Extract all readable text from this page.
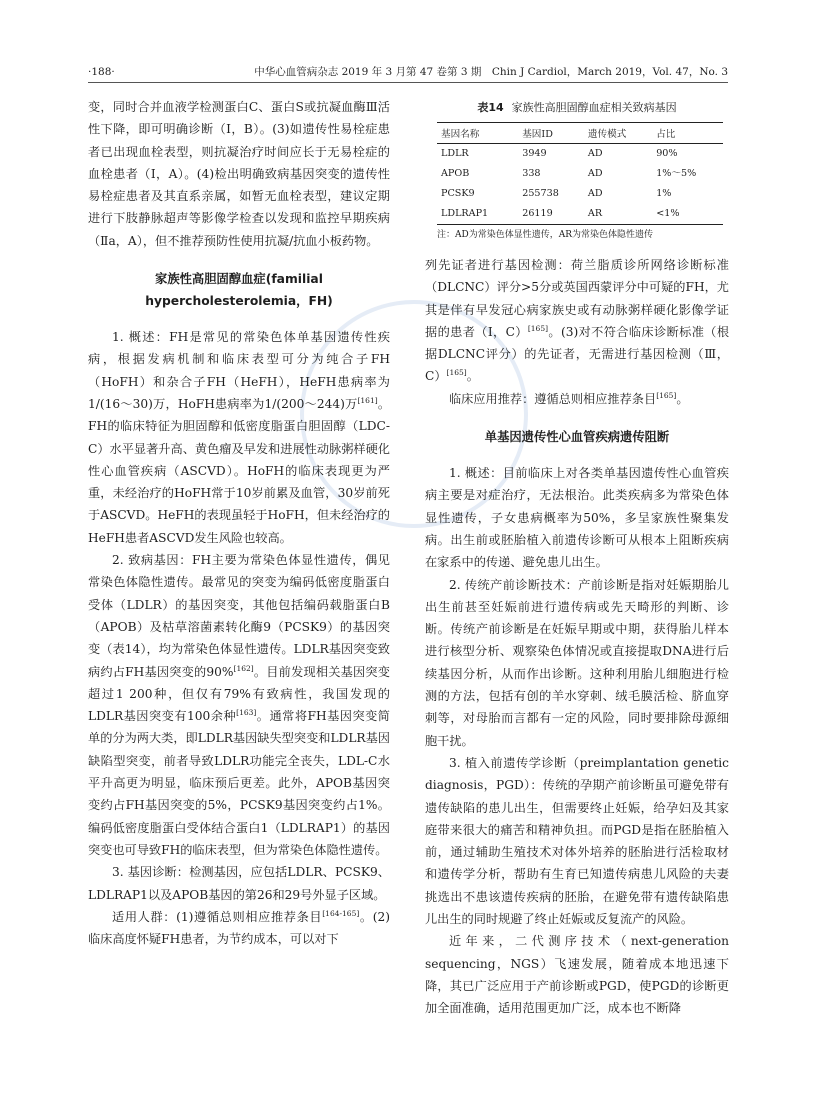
·188·	中华心血管病杂志 2019 年 3 月第 47 卷第 3 期　Chin J Cardiol，March 2019，Vol. 47，No. 3

变，同时合并血液学检测蛋白C、蛋白S或抗凝血酶Ⅲ活性下降，即可明确诊断（Ⅰ，B）。(3)如遗传性易栓症患者已出现血栓表型，则抗凝治疗时间应长于无易栓症的血栓患者（Ⅰ，A）。(4)检出明确致病基因突变的遗传性易栓症患者及其直系亲属，如暂无血栓表型，建议定期进行下肢静脉超声等影像学检查以发现和监控早期疾病（Ⅱa，A），但不推荐预防性使用抗凝/抗血小板药物。

家族性高胆固醇血症(familial
hypercholesterolemia，FH)

1. 概述：FH是常见的常染色体单基因遗传性疾病，根据发病机制和临床表型可分为纯合子FH（HoFH）和杂合子FH（HeFH），HeFH患病率为1/(16～30)万，HoFH患病率为1/(200～244)万[161]。FH的临床特征为胆固醇和低密度脂蛋白胆固醇（LDC-C）水平显著升高、黄色瘤及早发和进展性动脉粥样硬化性心血管疾病（ASCVD）。HoFH的临床表现更为严重，未经治疗的HoFH常于10岁前累及血管，30岁前死于ASCVD。HeFH的表现虽轻于HoFH，但未经治疗的HeFH患者ASCVD发生风险也较高。

2. 致病基因：FH主要为常染色体显性遗传，偶见常染色体隐性遗传。最常见的突变为编码低密度脂蛋白受体（LDLR）的基因突变，其他包括编码载脂蛋白B（APOB）及枯草溶菌素转化酶9（PCSK9）的基因突变（表14），均为常染色体显性遗传。LDLR基因突变致病约占FH基因突变的90%[162]。目前发现相关基因突变超过1 200种，但仅有79%有致病性，我国发现的LDLR基因突变有100余种[163]。通常将FH基因突变简单的分为两大类，即LDLR基因缺失型突变和LDLR基因缺陷型突变，前者导致LDLR功能完全丧失，LDL-C水平升高更为明显，临床预后更差。此外，APOB基因突变约占FH基因突变的5%，PCSK9基因突变约占1%。编码低密度脂蛋白受体结合蛋白1（LDLRAP1）的基因突变也可导致FH的临床表型，但为常染色体隐性遗传。

3. 基因诊断：检测基因，应包括LDLR、PCSK9、LDLRAP1以及APOB基因的第26和29号外显子区域。

适用人群：(1)遵循总则相应推荐条目[164-165]。(2)临床高度怀疑FH患者，为节约成本，可以对下

表14 家族性高胆固醇血症相关致病基因
基因名称	基因ID	遗传模式	占比
LDLR	3949	AD	90%
APOB	338	AD	1%～5%
PCSK9	255738	AD	1%
LDLRAP1	26119	AR	<1%
注：AD为常染色体显性遗传，AR为常染色体隐性遗传

列先证者进行基因检测：荷兰脂质诊所网络诊断标准（DLCNC）评分>5分或英国西蒙评分中可疑的FH，尤其是伴有早发冠心病家族史或有动脉粥样硬化影像学证据的患者（Ⅰ，C）[165]。(3)对不符合临床诊断标准（根据DLCNC评分）的先证者，无需进行基因检测（Ⅲ，C）[165]。

临床应用推荐：遵循总则相应推荐条目[165]。

单基因遗传性心血管疾病遗传阻断

1. 概述：目前临床上对各类单基因遗传性心血管疾病主要是对症治疗，无法根治。此类疾病多为常染色体显性遗传，子女患病概率为50%，多呈家族性聚集发病。出生前或胚胎植入前遗传诊断可从根本上阻断疾病在家系中的传递、避免患儿出生。

2. 传统产前诊断技术：产前诊断是指对妊娠期胎儿出生前甚至妊娠前进行遗传病或先天畸形的判断、诊断。传统产前诊断是在妊娠早期或中期，获得胎儿样本进行核型分析、观察染色体情况或直接提取DNA进行后续基因分析，从而作出诊断。这种利用胎儿细胞进行检测的方法，包括有创的羊水穿刺、绒毛膜活检、脐血穿刺等，对母胎而言都有一定的风险，同时要排除母源细胞干扰。

3. 植入前遗传学诊断（preimplantation genetic diagnosis，PGD）：传统的孕期产前诊断虽可避免带有遗传缺陷的患儿出生，但需要终止妊娠，给孕妇及其家庭带来很大的痛苦和精神负担。而PGD是指在胚胎植入前，通过辅助生殖技术对体外培养的胚胎进行活检取材和遗传学分析，帮助有生育已知遗传病患儿风险的夫妻挑选出不患该遗传疾病的胚胎，在避免带有遗传缺陷患儿出生的同时规避了终止妊娠或反复流产的风险。

近年来，二代测序技术（next-generation sequencing，NGS）飞速发展，随着成本地迅速下降，其已广泛应用于产前诊断或PGD，使PGD的诊断更加全面准确，适用范围更加广泛，成本也不断降
